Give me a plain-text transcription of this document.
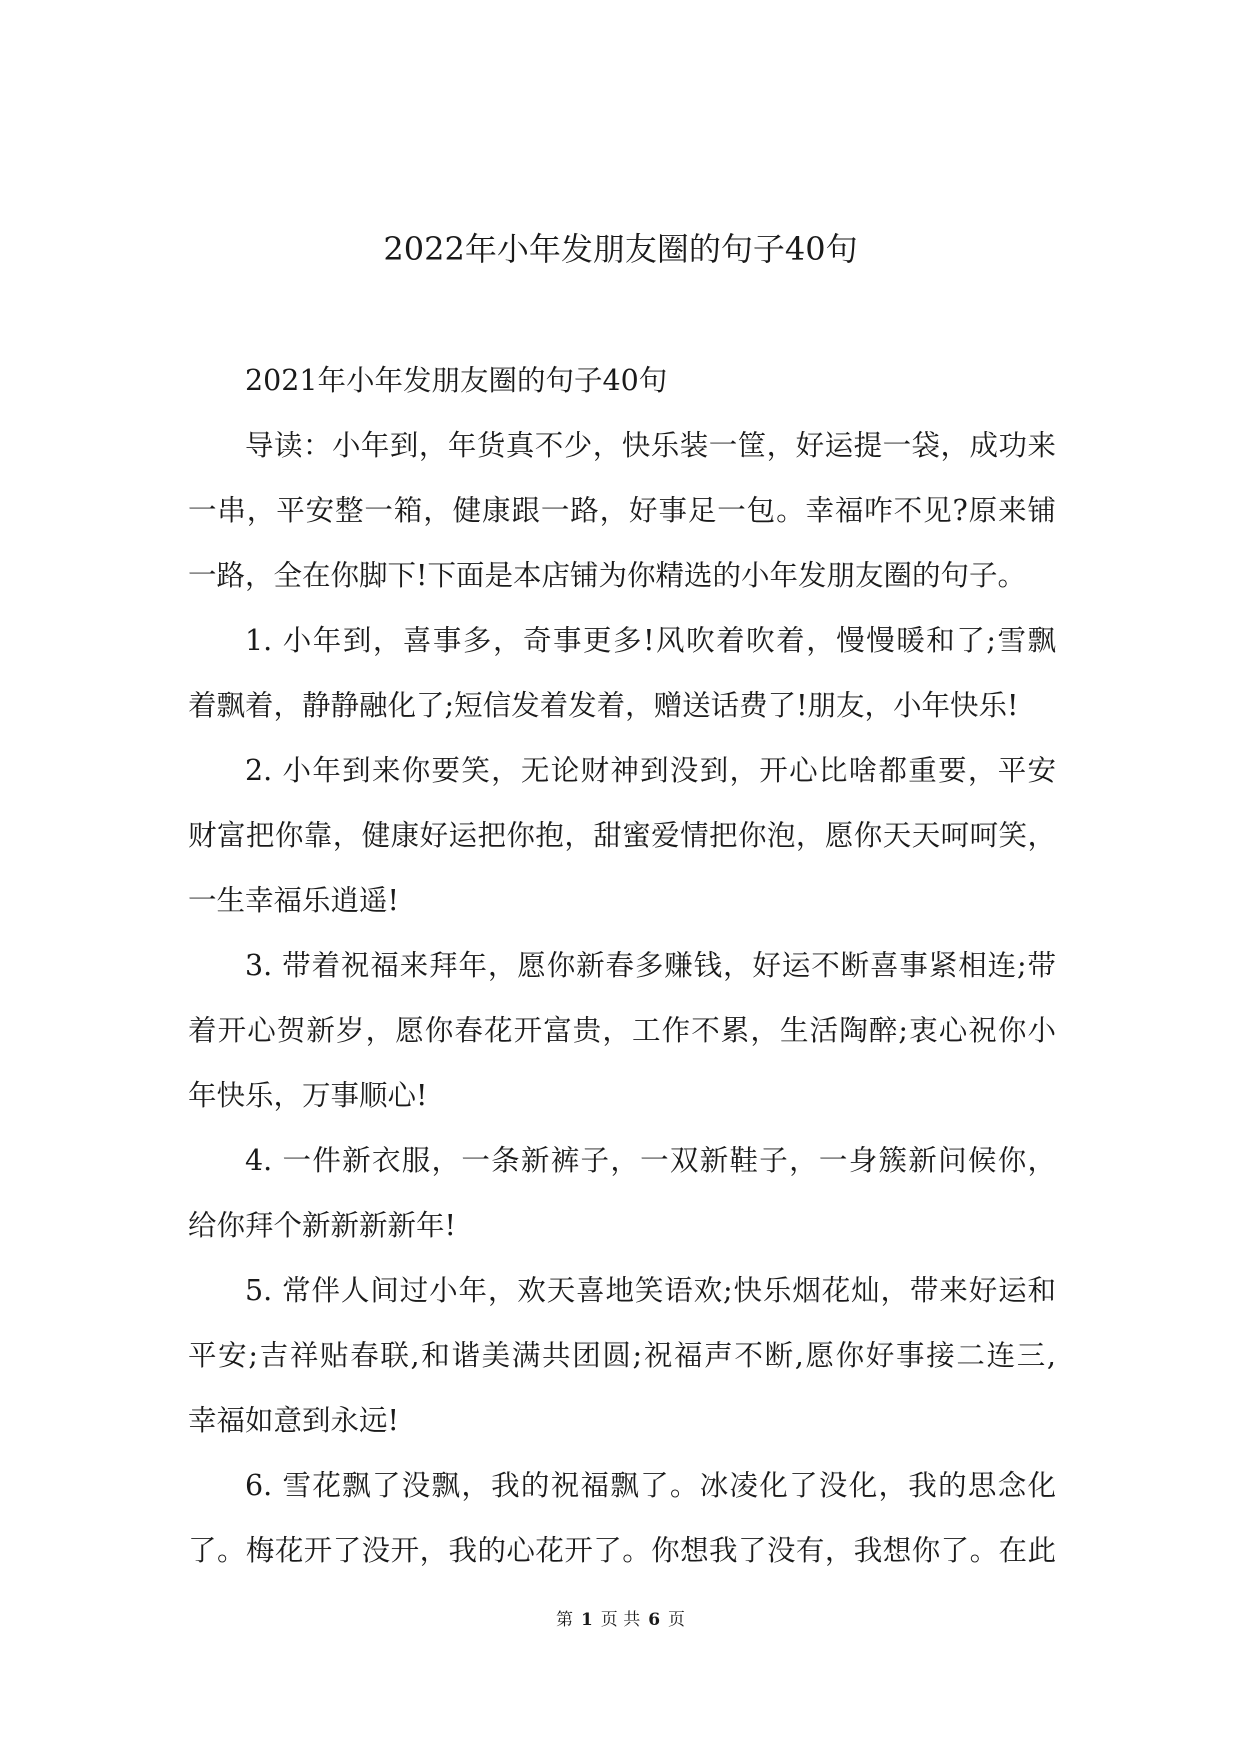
2022年小年发朋友圈的句子40句
2021年小年发朋友圈的句子40句
导读：小年到，年货真不少，快乐装一筐，好运提一袋，成功来
一串，平安整一箱，健康跟一路，好事足一包。幸福咋不见?原来铺
一路，全在你脚下!下面是本店铺为你精选的小年发朋友圈的句子。
1. 小年到，喜事多，奇事更多!风吹着吹着，慢慢暖和了;雪飘
着飘着，静静融化了;短信发着发着，赠送话费了!朋友，小年快乐!
2. 小年到来你要笑，无论财神到没到，开心比啥都重要，平安
财富把你靠，健康好运把你抱，甜蜜爱情把你泡，愿你天天呵呵笑，
一生幸福乐逍遥!
3. 带着祝福来拜年，愿你新春多赚钱，好运不断喜事紧相连;带
着开心贺新岁，愿你春花开富贵，工作不累，生活陶醉;衷心祝你小
年快乐，万事顺心!
4. 一件新衣服，一条新裤子，一双新鞋子，一身簇新问候你，
给你拜个新新新新年!
5. 常伴人间过小年，欢天喜地笑语欢;快乐烟花灿，带来好运和
平安;吉祥贴春联,和谐美满共团圆;祝福声不断,愿你好事接二连三,
幸福如意到永远!
6. 雪花飘了没飘，我的祝福飘了。冰凌化了没化，我的思念化
了。梅花开了没开，我的心花开了。你想我了没有，我想你了。在此
第 1 页 共 6 页
